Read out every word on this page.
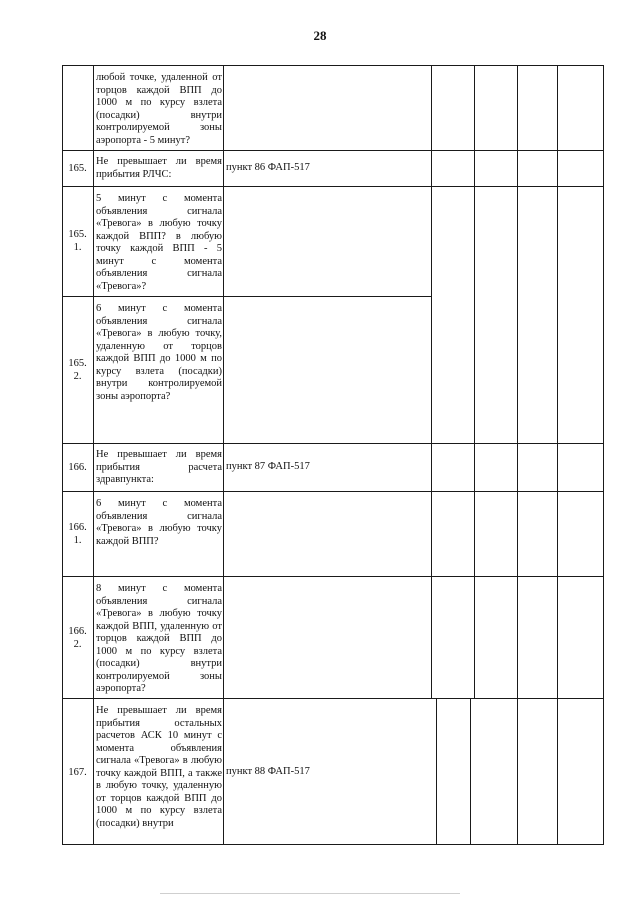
28
любой точке, удаленной от торцов каждой ВПП до 1000 м по курсу взлета (посадки) внутри контролируемой зоны аэропорта - 5 минут?
165.
Не превышает ли время прибытия РЛЧС:
пункт 86 ФАП-517
165.
1.
5 минут с момента объявления сигнала «Тревога» в любую точку каждой ВПП? в любую точку каждой ВПП - 5 минут с момента объявления сигнала «Тревога»?
165.
2.
6 минут с момента объявления сигнала «Тревога» в любую точку, удаленную от торцов каждой ВПП до 1000 м по курсу взлета (посадки) внутри контролируемой зоны аэропорта?
166.
Не превышает ли время прибытия расчета здравпункта:
пункт 87 ФАП-517
166.
1.
6 минут с момента объявления сигнала «Тревога» в любую точку каждой ВПП?
166.
2.
8 минут с момента объявления сигнала «Тревога» в любую точку каждой ВПП, удаленную от торцов каждой ВПП до 1000 м по курсу взлета (посадки) внутри контролируемой зоны аэропорта?
167.
Не превышает ли время прибытия остальных расчетов АСК 10 минут с момента объявления сигнала «Тревога» в любую точку каждой ВПП, а также в любую точку, удаленную от торцов каждой ВПП до 1000 м по курсу взлета (посадки) внутри
пункт 88 ФАП-517
